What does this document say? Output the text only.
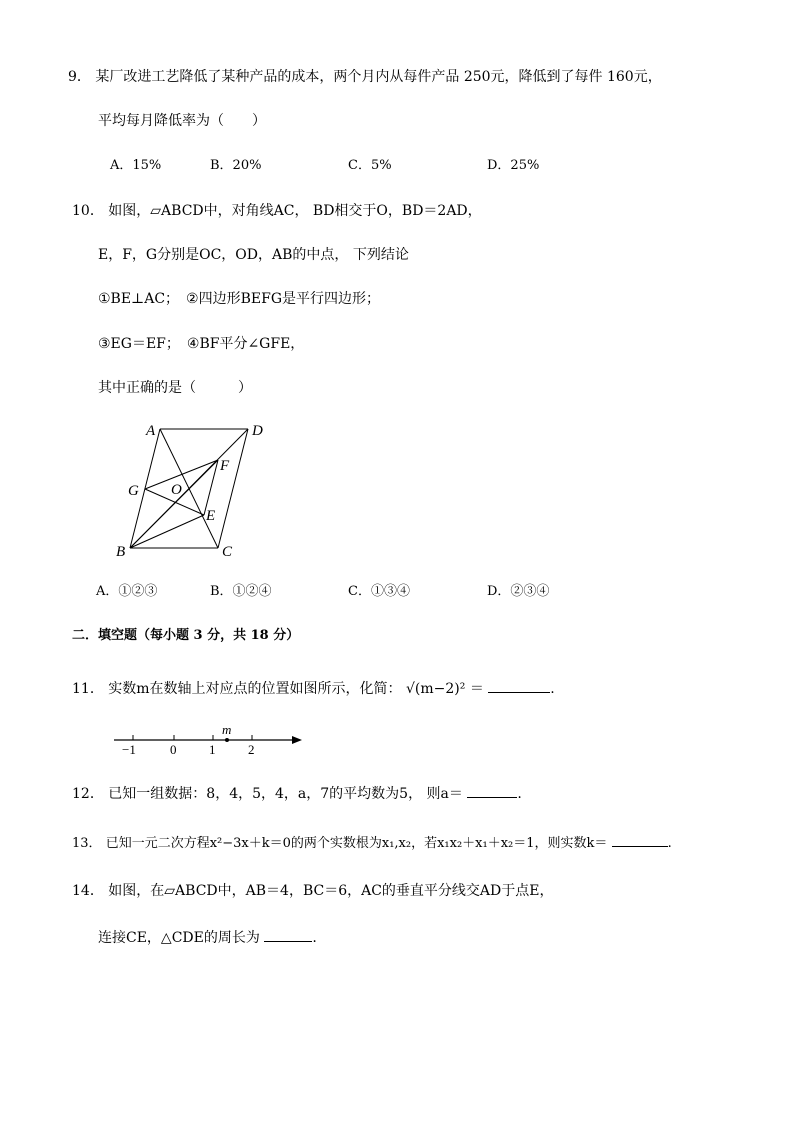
9． 某厂改进工艺降低了某种产品的成本，两个月内从每件产品 250元，降低到了每件 160元，
平均每月降低率为（　　）
A．15%	B．20%	C．5%	D．25%
10． 如图，▱ABCD中，对角线AC， BD相交于O，BD＝2AD，
E，F，G分别是OC，OD，AB的中点， 下列结论
①BE⊥AC；　②四边形BEFG是平行四边形；
③EG＝EF；　④BF平分∠GFE，
其中正确的是（　　　）
A	D
F
G O
E
B	C
A．①②③	B．①②④	C．①③④	D．②③④
二．填空题（每小题 3 分，共 18 分）
11． 实数m在数轴上对应点的位置如图所示，化简： √(m−2)² ＝	.
−1	0	1	2
m
12． 已知一组数据：8，4，5，4，a，7的平均数为5， 则a＝	.
13． 已知一元二次方程x²−3x＋k＝0的两个实数根为x₁,x₂，若x₁x₂＋x₁＋x₂＝1，则实数k＝	.
14． 如图，在▱ABCD中，AB＝4，BC＝6，AC的垂直平分线交AD于点E，
连接CE，△CDE的周长为	.
